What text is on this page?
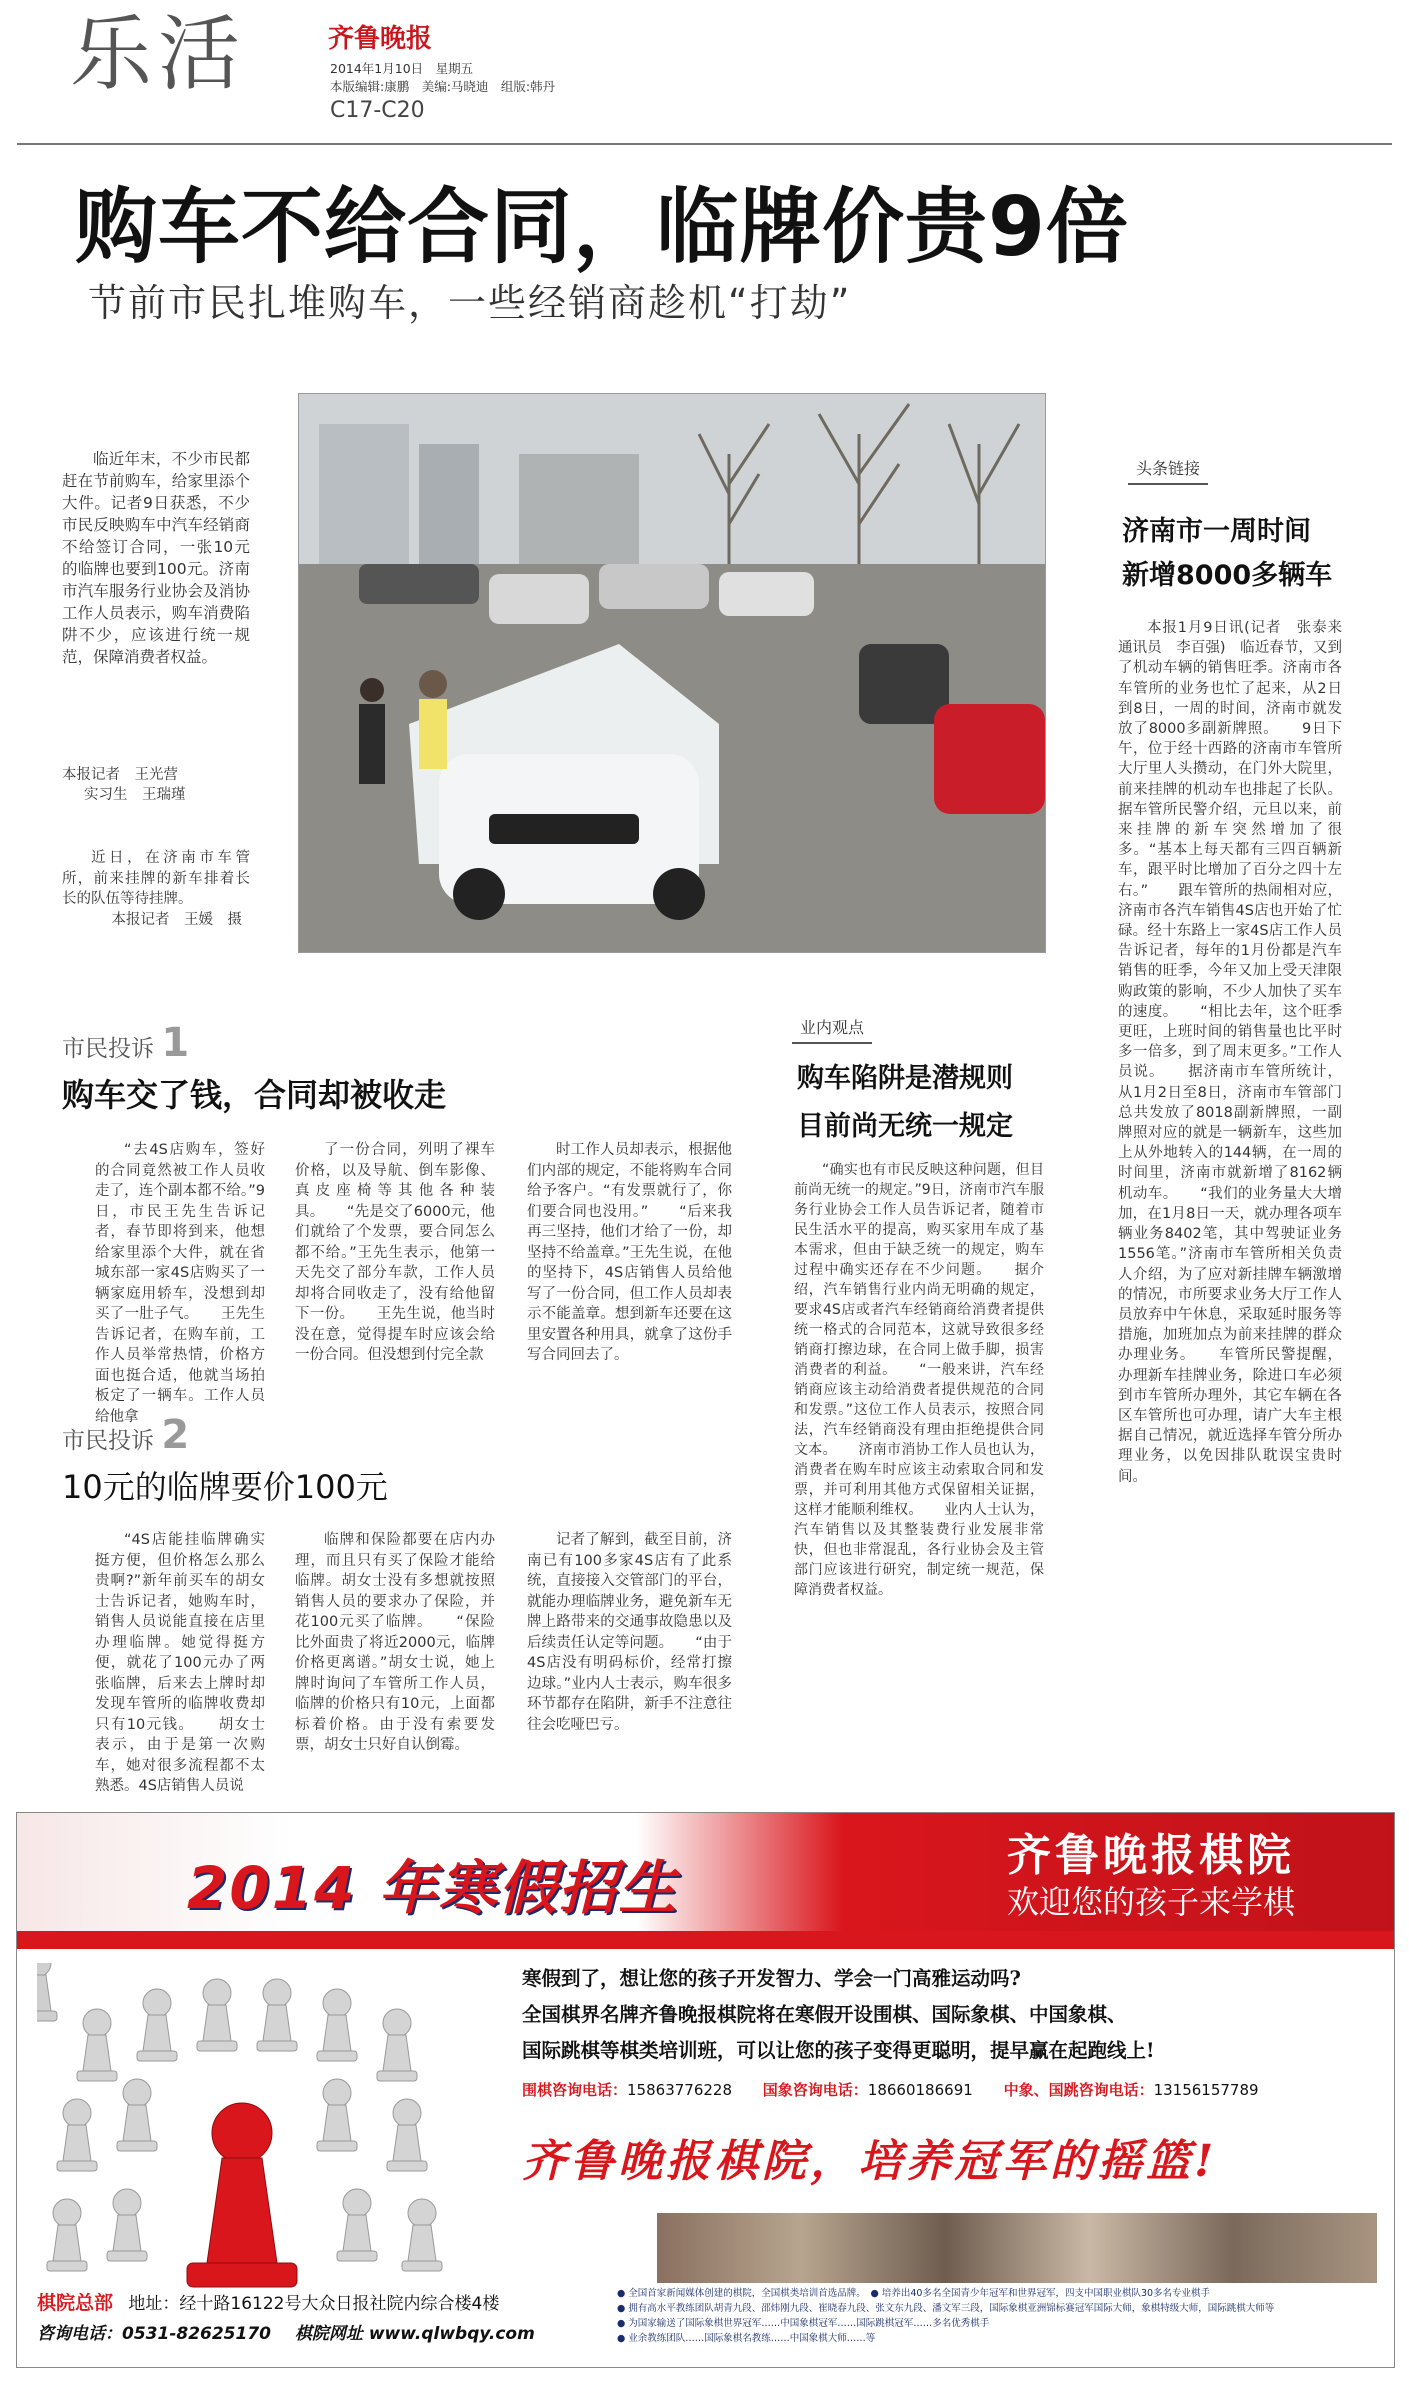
乐活	齐鲁晚报
2014年1月10日　星期五
本版编辑:康鹏　美编:马晓迪　组版:韩丹
C17-C20
购车不给合同，临牌价贵9倍
节前市民扎堆购车，一些经销商趁机“打劫”

临近年末，不少市民都赶在节前购车，给家里添个大件。记者9日获悉，不少市民反映购车中汽车经销商不给签订合同，一张10元的临牌也要到100元。济南市汽车服务行业协会及消协工作人员表示，购车消费陷阱不少，应该进行统一规范，保障消费者权益。

本报记者　王光营
实习生　王瑞瑾

近日，在济南市车管所，前来挂牌的新车排着长长的队伍等待挂牌。

本报记者　王媛　摄
头条链接
济南市一周时间
新增8000多辆车

本报1月9日讯(记者　张泰来　通讯员　李百强)　临近春节，又到了机动车辆的销售旺季。济南市各车管所的业务也忙了起来，从2日到8日，一周的时间，济南市就发放了8000多副新牌照。　　9日下午，位于经十西路的济南市车管所大厅里人头攒动，在门外大院里，前来挂牌的机动车也排起了长队。据车管所民警介绍，元旦以来，前来挂牌的新车突然增加了很多。“基本上每天都有三四百辆新车，跟平时比增加了百分之四十左右。”　　跟车管所的热闹相对应，济南市各汽车销售4S店也开始了忙碌。经十东路上一家4S店工作人员告诉记者，每年的1月份都是汽车销售的旺季，今年又加上受天津限购政策的影响，不少人加快了买车的速度。　　“相比去年，这个旺季更旺，上班时间的销售量也比平时多一倍多，到了周末更多。”工作人员说。　　据济南市车管所统计，从1月2日至8日，济南市车管部门总共发放了8018副新牌照，一副牌照对应的就是一辆新车，这些加上从外地转入的144辆，在一周的时间里，济南市就新增了8162辆机动车。　　“我们的业务量大大增加，在1月8日一天，就办理各项车辆业务8402笔，其中驾驶证业务1556笔。”济南市车管所相关负责人介绍，为了应对新挂牌车辆激增的情况，市所要求业务大厅工作人员放弃中午休息，采取延时服务等措施，加班加点为前来挂牌的群众办理业务。　　车管所民警提醒，办理新车挂牌业务，除进口车必须到市车管所办理外，其它车辆在各区车管所也可办理，请广大车主根据自己情况，就近选择车管分所办理业务，以免因排队耽误宝贵时间。

市民投诉 1
购车交了钱，合同却被收走

“去4S店购车，签好的合同竟然被工作人员收走了，连个副本都不给。”9日，市民王先生告诉记者，春节即将到来，他想给家里添个大件，就在省城东部一家4S店购买了一辆家庭用轿车，没想到却买了一肚子气。　　王先生告诉记者，在购车前，工作人员举常热情，价格方面也挺合适，他就当场拍板定了一辆车。工作人员给他拿

了一份合同，列明了裸车价格，以及导航、倒车影像、真皮座椅等其他各种装具。　　“先是交了6000元，他们就给了个发票，要合同怎么都不给。”王先生表示，他第一天先交了部分车款，工作人员却将合同收走了，没有给他留下一份。　　王先生说，他当时没在意，觉得提车时应该会给一份合同。但没想到付完全款

时工作人员却表示，根据他们内部的规定，不能将购车合同给予客户。“有发票就行了，你们要合同也没用。”　　“后来我再三坚持，他们才给了一份，却坚持不给盖章。”王先生说，在他的坚持下，4S店销售人员给他写了一份合同，但工作人员却表示不能盖章。想到新车还要在这里安置各种用具，就拿了这份手写合同回去了。

市民投诉 2
10元的临牌要价100元

“4S店能挂临牌确实挺方便，但价格怎么那么贵啊?”新年前买车的胡女士告诉记者，她购车时，销售人员说能直接在店里办理临牌。她觉得挺方便，就花了100元办了两张临牌，后来去上牌时却发现车管所的临牌收费却只有10元钱。　　胡女士表示，由于是第一次购车，她对很多流程都不太熟悉。4S店销售人员说

临牌和保险都要在店内办理，而且只有买了保险才能给临牌。胡女士没有多想就按照销售人员的要求办了保险，并花100元买了临牌。　　“保险比外面贵了将近2000元，临牌价格更离谱。”胡女士说，她上牌时询问了车管所工作人员，临牌的价格只有10元，上面都标着价格。由于没有索要发票，胡女士只好自认倒霉。

记者了解到，截至目前，济南已有100多家4S店有了此系统，直接接入交管部门的平台，就能办理临牌业务，避免新车无牌上路带来的交通事故隐患以及后续责任认定等问题。　　“由于4S店没有明码标价，经常打擦边球。”业内人士表示，购车很多环节都存在陷阱，新手不注意往往会吃哑巴亏。

业内观点
购车陷阱是潜规则
目前尚无统一规定

“确实也有市民反映这种问题，但目前尚无统一的规定。”9日，济南市汽车服务行业协会工作人员告诉记者，随着市民生活水平的提高，购买家用车成了基本需求，但由于缺乏统一的规定，购车过程中确实还存在不少问题。　　据介绍，汽车销售行业内尚无明确的规定，要求4S店或者汽车经销商给消费者提供统一格式的合同范本，这就导致很多经销商打擦边球，在合同上做手脚，损害消费者的利益。　　“一般来讲，汽车经销商应该主动给消费者提供规范的合同和发票。”这位工作人员表示，按照合同法，汽车经销商没有理由拒绝提供合同文本。　　济南市消协工作人员也认为，消费者在购车时应该主动索取合同和发票，并可利用其他方式保留相关证据，这样才能顺利维权。　　业内人士认为，汽车销售以及其整装费行业发展非常快，但也非常混乱，各行业协会及主管部门应该进行研究，制定统一规范，保障消费者权益。

2014 年寒假招生	齐鲁晚报棋院
欢迎您的孩子来学棋
寒假到了，想让您的孩子开发智力、学会一门高雅运动吗?
全国棋界名牌齐鲁晚报棋院将在寒假开设围棋、国际象棋、中国象棋、
国际跳棋等棋类培训班，可以让您的孩子变得更聪明，提早赢在起跑线上!
围棋咨询电话：15863776228 国象咨询电话：18660186691 中象、国跳咨询电话：13156157789
齐鲁晚报棋院，培养冠军的摇篮!
棋院总部 地址：经十路16122号大众日报社院内综合楼4楼
咨询电话：0531-82625170 棋院网址 www.qlwbqy.com
● 全国首家新闻媒体创建的棋院，全国棋类培训首选品牌。　● 培养出40多名全国青少年冠军和世界冠军，四支中国职业棋队30多名专业棋手
● 拥有高水平教练团队胡青九段、邵炜刚九段、崔晓春九段、张文东九段、潘文军三段，国际象棋亚洲锦标赛冠军国际大师，象棋特级大师，国际跳棋大师等
● 为国家输送了国际象棋世界冠军……中国象棋冠军……国际跳棋冠军……多名优秀棋手
● 业余教练团队……国际象棋名教练……中国象棋大师……等
